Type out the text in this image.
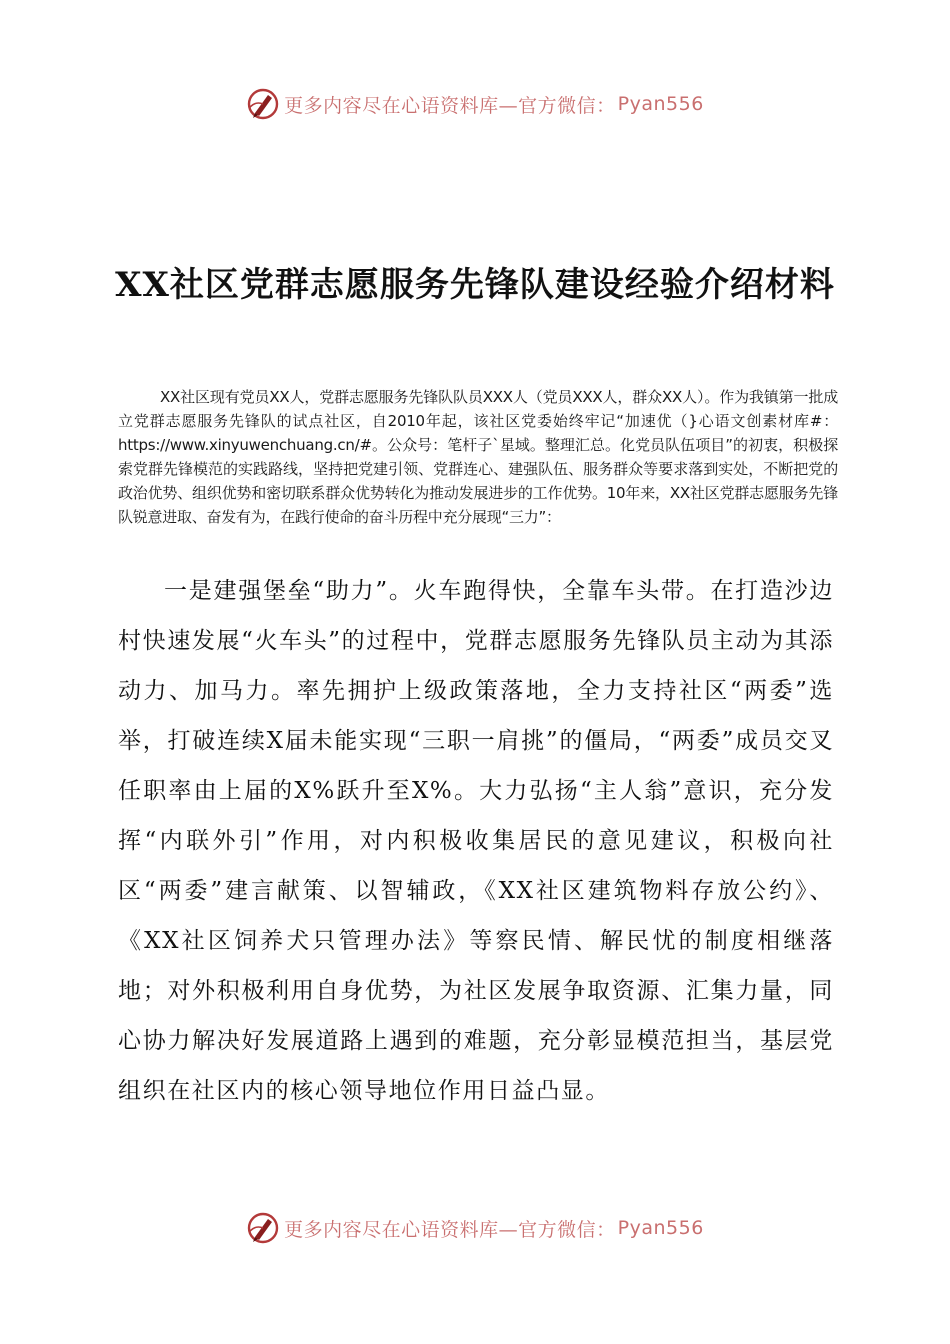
更多内容尽在心语资料库—官方微信： Pyan556
XX社区党群志愿服务先锋队建设经验介绍材料

XX社区现有党员XX人，党群志愿服务先锋队队员XXX人（党员XXX人，群众XX人）。作为我镇第一批成立党群志愿服务先锋队的试点社区，自2010年起，该社区党委始终牢记“加速优（}心语文创素材库#：https://www.xinyuwenchuang.cn/#。公众号：笔杆子`星域。整理汇总。化党员队伍项目”的初衷，积极探索党群先锋模范的实践路线，坚持把党建引领、党群连心、建强队伍、服务群众等要求落到实处，不断把党的政治优势、组织优势和密切联系群众优势转化为推动发展进步的工作优势。10年来，XX社区党群志愿服务先锋队锐意进取、奋发有为，在践行使命的奋斗历程中充分展现“三力”：

一是建强堡垒“助力”。火车跑得快，全靠车头带。在打造沙边村快速发展“火车头”的过程中，党群志愿服务先锋队员主动为其添动力、加马力。率先拥护上级政策落地，全力支持社区“两委”选举，打破连续X届未能实现“三职一肩挑”的僵局，“两委”成员交叉任职率由上届的X%跃升至X%。大力弘扬“主人翁”意识，充分发挥“内联外引”作用，对内积极收集居民的意见建议，积极向社区“两委”建言献策、以智辅政，《XX社区建筑物料存放公约》、《XX社区饲养犬只管理办法》等察民情、解民忧的制度相继落地；对外积极利用自身优势，为社区发展争取资源、汇集力量，同心协力解决好发展道路上遇到的难题，充分彰显模范担当，基层党组织在社区内的核心领导地位作用日益凸显。

更多内容尽在心语资料库—官方微信： Pyan556
